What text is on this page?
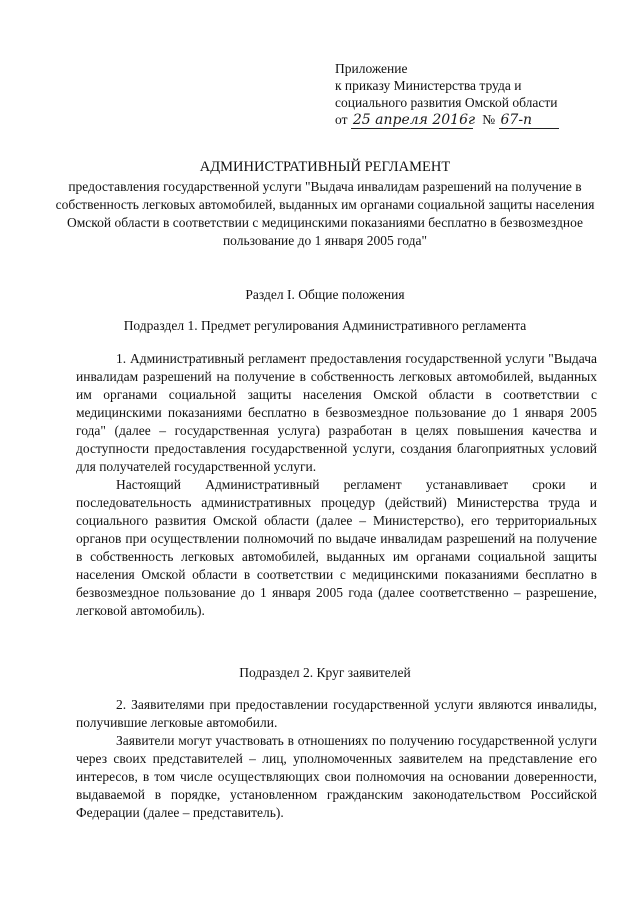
Приложение
к приказу Министерства труда и
социального развития Омской области
от 25 апреля 2016г № 67-п
АДМИНИСТРАТИВНЫЙ РЕГЛАМЕНТ
предоставления государственной услуги "Выдача инвалидам разрешений на получение в собственность легковых автомобилей, выданных им органами социальной защиты населения Омской области в соответствии с медицинскими показаниями бесплатно в безвозмездное пользование до 1 января 2005 года"
Раздел I. Общие положения
Подраздел 1. Предмет регулирования Административного регламента

1. Административный регламент предоставления государственной услуги "Выдача инвалидам разрешений на получение в собственность легковых автомобилей, выданных им органами социальной защиты населения Омской области в соответствии с медицинскими показаниями бесплатно в безвозмездное пользование до 1 января 2005 года" (далее – государственная услуга) разработан в целях повышения качества и доступности предоставления государственной услуги, создания благоприятных условий для получателей государственной услуги.

Настоящий Административный регламент устанавливает сроки и последовательность административных процедур (действий) Министерства труда и социального развития Омской области (далее – Министерство), его территориальных органов при осуществлении полномочий по выдаче инвалидам разрешений на получение в собственность легковых автомобилей, выданных им органами социальной защиты населения Омской области в соответствии с медицинскими показаниями бесплатно в безвозмездное пользование до 1 января 2005 года (далее соответственно – разрешение, легковой автомобиль).

Подраздел 2. Круг заявителей

2. Заявителями при предоставлении государственной услуги являются инвалиды, получившие легковые автомобили.

Заявители могут участвовать в отношениях по получению государственной услуги через своих представителей – лиц, уполномоченных заявителем на представление его интересов, в том числе осуществляющих свои полномочия на основании доверенности, выдаваемой в порядке, установленном гражданским законодательством Российской Федерации (далее – представитель).
